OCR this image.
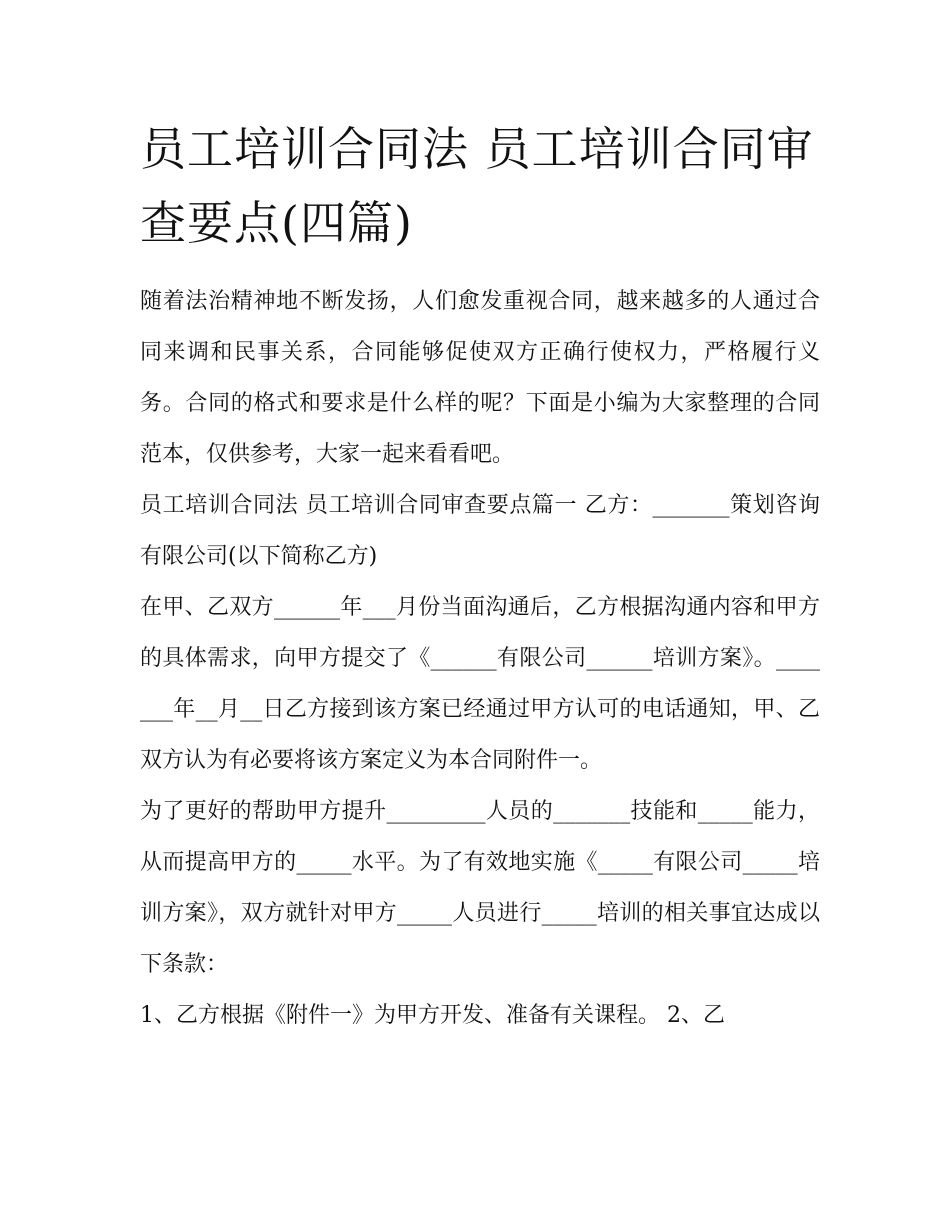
员工培训合同法 员工培训合同审查要点(四篇)

随着法治精神地不断发扬，人们愈发重视合同，越来越多的人通过合同来调和民事关系，合同能够促使双方正确行使权力，严格履行义务。合同的格式和要求是什么样的呢？下面是小编为大家整理的合同范本，仅供参考，大家一起来看看吧。

员工培训合同法 员工培训合同审查要点篇一 乙方：_______策划咨询有限公司(以下简称乙方)

在甲、乙双方______年___月份当面沟通后，乙方根据沟通内容和甲方的具体需求，向甲方提交了《______有限公司______培训方案》。_______年__月__日乙方接到该方案已经通过甲方认可的电话通知，甲、乙双方认为有必要将该方案定义为本合同附件一。

为了更好的帮助甲方提升_________人员的_______技能和_____能力，从而提高甲方的_____水平。为了有效地实施《_____有限公司_____培训方案》，双方就针对甲方_____人员进行_____培训的相关事宜达成以下条款：

1、乙方根据《附件一》为甲方开发、准备有关课程。 2、乙
